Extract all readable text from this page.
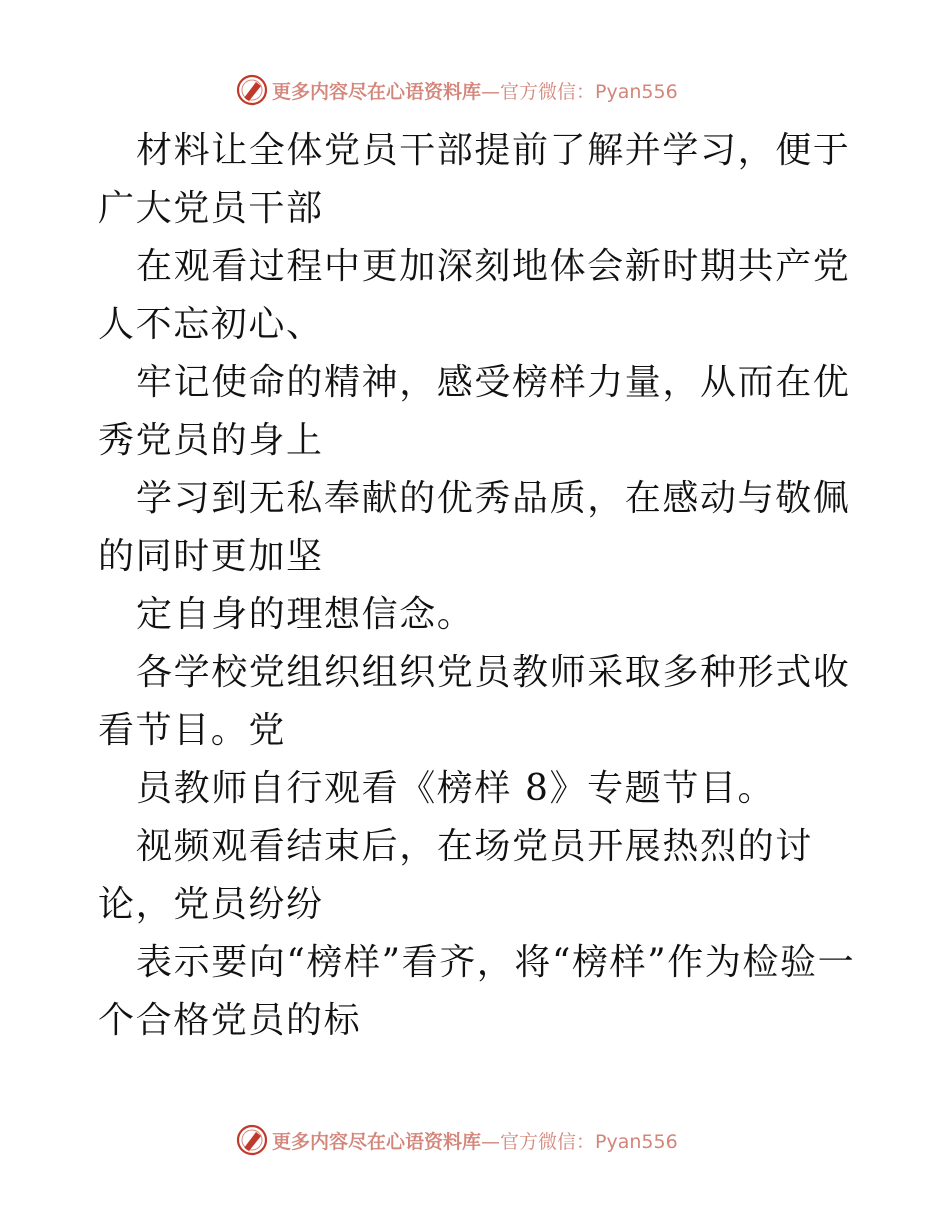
更多内容尽在心语资料库 —官方微信：Pyan556

材料让全体党员干部提前了解并学习，便于广大党员干部

在观看过程中更加深刻地体会新时期共产党人不忘初心、

牢记使命的精神，感受榜样力量，从而在优秀党员的身上

学习到无私奉献的优秀品质，在感动与敬佩的同时更加坚

定自身的理想信念。

各学校党组织组织党员教师采取多种形式收看节目。党

员教师自行观看《榜样 8》专题节目。

视频观看结束后，在场党员开展热烈的讨论，党员纷纷

表示要向“榜样”看齐，将“榜样”作为检验一个合格党员的标

更多内容尽在心语资料库 —官方微信：Pyan556
